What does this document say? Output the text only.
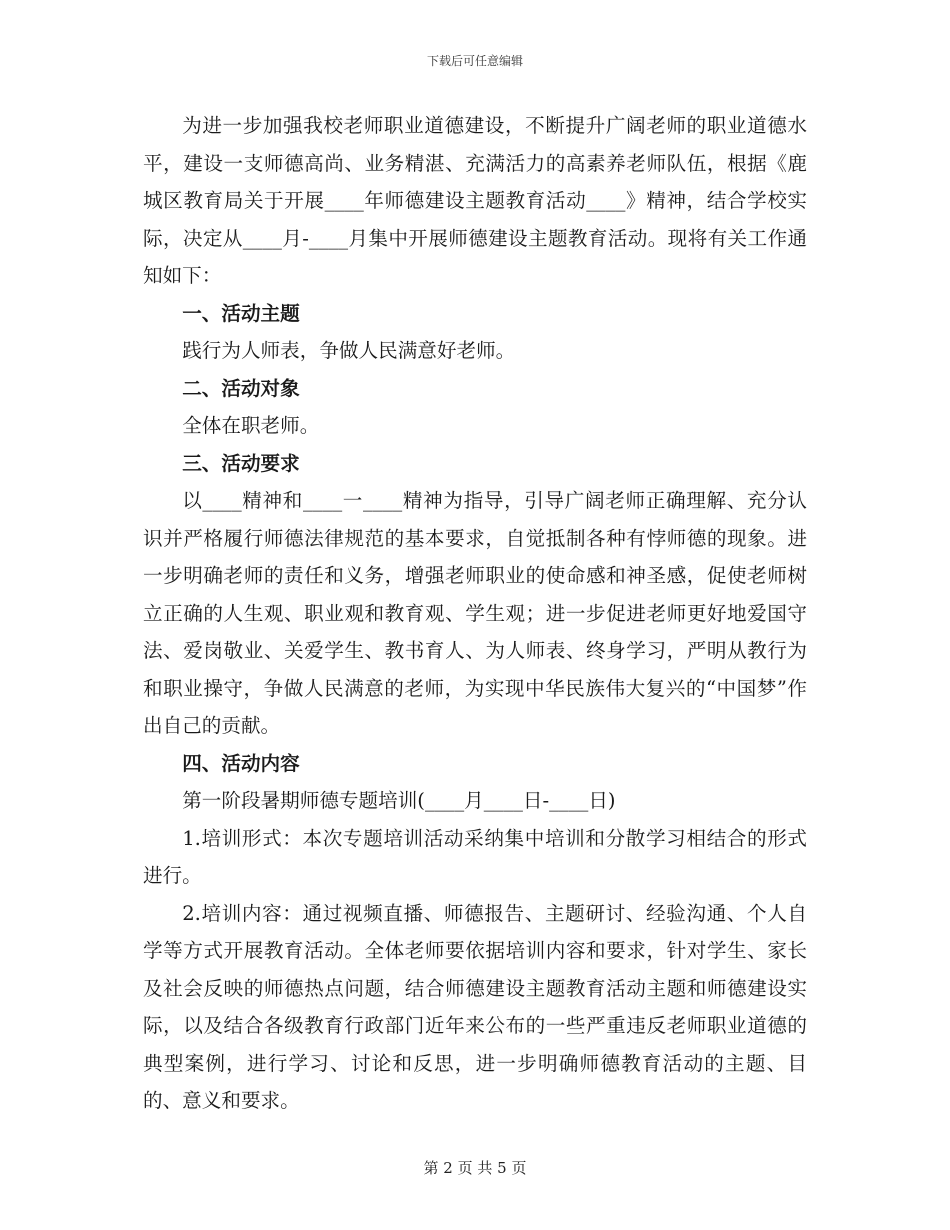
下载后可任意编辑

为进一步加强我校老师职业道德建设，不断提升广阔老师的职业道德水平，建设一支师德高尚、业务精湛、充满活力的高素养老师队伍，根据《鹿城区教育局关于开展____年师德建设主题教育活动____》精神，结合学校实际，决定从____月-____月集中开展师德建设主题教育活动。现将有关工作通知如下：

一、活动主题

践行为人师表，争做人民满意好老师。

二、活动对象

全体在职老师。

三、活动要求

以____精神和____一____精神为指导，引导广阔老师正确理解、充分认识并严格履行师德法律规范的基本要求，自觉抵制各种有悖师德的现象。进一步明确老师的责任和义务，增强老师职业的使命感和神圣感，促使老师树立正确的人生观、职业观和教育观、学生观；进一步促进老师更好地爱国守法、爱岗敬业、关爱学生、教书育人、为人师表、终身学习，严明从教行为和职业操守，争做人民满意的老师，为实现中华民族伟大复兴的“中国梦”作出自己的贡献。

四、活动内容

第一阶段暑期师德专题培训(____月____日-____日)

1.培训形式：本次专题培训活动采纳集中培训和分散学习相结合的形式进行。

2.培训内容：通过视频直播、师德报告、主题研讨、经验沟通、个人自学等方式开展教育活动。全体老师要依据培训内容和要求，针对学生、家长及社会反映的师德热点问题，结合师德建设主题教育活动主题和师德建设实际，以及结合各级教育行政部门近年来公布的一些严重违反老师职业道德的典型案例，进行学习、讨论和反思，进一步明确师德教育活动的主题、目的、意义和要求。

第 2 页 共 5 页
